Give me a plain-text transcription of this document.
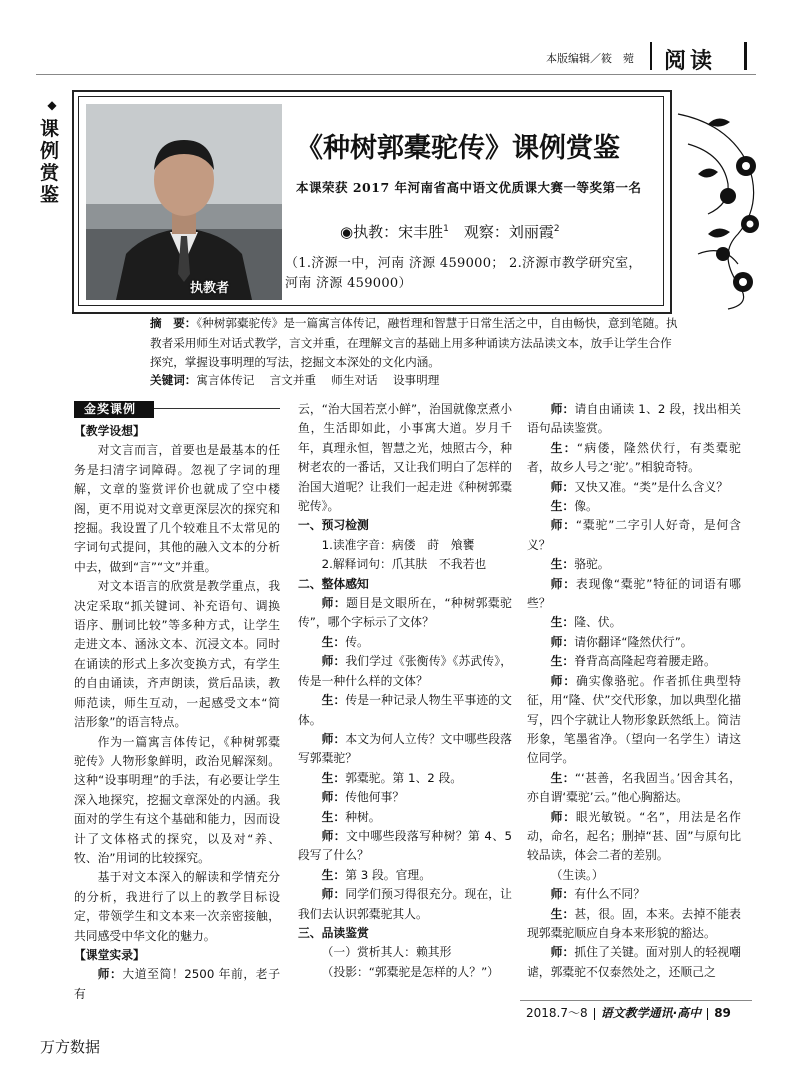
本版编辑／筱　菀 阅读
◆
课例赏鉴
执教者
《种树郭橐驼传》课例赏鉴
本课荣获 2017 年河南省高中语文优质课大赛一等奖第一名
◉执教：宋丰胜$^1$　 观察：刘丽霞$^2$
（1.济源一中，河南 济源 459000； 2.济源市教学研究室，河南 济源 459000）
摘　要：《种树郭橐驼传》是一篇寓言体传记，融哲理和智慧于日常生活之中，自由畅快，意到笔随。执教者采用师生对话式教学，言文并重，在理解文言的基础上用多种诵读方法品读文本，放手让学生合作探究，掌握设事明理的写法，挖掘文本深处的文化内涵。
关键词：寓言体传记　 言文并重　 师生对话　 设事明理
金奖课例

【教学设想】

对文言而言，首要也是最基本的任务是扫清字词障碍。忽视了字词的理解，文章的鉴赏评价也就成了空中楼阁，更不用说对文章更深层次的探究和挖掘。我设置了几个较难且不太常见的字词句式提问，其他的融入文本的分析中去，做到“言”“文”并重。

对文本语言的欣赏是教学重点，我决定采取“抓关键词、补充语句、调换语序、删词比较”等多种方式，让学生走进文本、涵泳文本、沉浸文本。同时在诵读的形式上多次变换方式，有学生的自由诵读，齐声朗读，赏后品读，教师范读，师生互动，一起感受文本“简洁形象”的语言特点。

作为一篇寓言体传记，《种树郭橐驼传》人物形象鲜明，政治见解深刻。这种“设事明理”的手法，有必要让学生深入地探究，挖掘文章深处的内涵。我面对的学生有这个基础和能力，因而设计了文体格式的探究，以及对“养、牧、治”用词的比较探究。

基于对文本深入的解读和学情充分的分析，我进行了以上的教学目标设定，带领学生和文本来一次亲密接触，共同感受中华文化的魅力。

【课堂实录】

师：大道至简！2500 年前，老子有

云，“治大国若烹小鲜”，治国就像烹煮小鱼，生活即如此，小事寓大道。岁月千年，真理永恒，智慧之光，烛照古今，种树老农的一番话，又让我们明白了怎样的治国大道呢？让我们一起走进《种树郭橐驼传》。

一、预习检测

1.读准字音：病偻　莳　飧饔

2.解释词句：爪其肤　不我若也

二、整体感知

师：题目是文眼所在，“种树郭橐驼传”，哪个字标示了文体？

生：传。

师：我们学过《张衡传》《苏武传》，传是一种什么样的文体？

生：传是一种记录人物生平事迹的文体。

师：本文为何人立传？文中哪些段落写郭橐驼？

生：郭橐驼。第 1、2 段。

师：传他何事？

生：种树。

师：文中哪些段落写种树？第 4、5 段写了什么？

生：第 3 段。官理。

师：同学们预习得很充分。现在，让我们去认识郭橐驼其人。

三、品读鉴赏

（一）赏析其人：赖其形

（投影：“郭橐驼是怎样的人？”）

师：请自由诵读 1、2 段，找出相关语句品读鉴赏。

生：“病偻，隆然伏行，有类橐驼者，故乡人号之‘驼’。”相貌奇特。

师：又快又准。“类”是什么含义？

生：像。

师：“橐驼”二字引人好奇，是何含义？

生：骆驼。

师：表现像“橐驼”特征的词语有哪些？

生：隆、伏。

师：请你翻译“隆然伏行”。

生：脊背高高隆起弯着腰走路。

师：确实像骆驼。作者抓住典型特征，用“隆、伏”交代形象，加以典型化描写，四个字就让人物形象跃然纸上。简洁形象，笔墨省净。（望向一名学生）请这位同学。

生：“‘甚善，名我固当。’因舍其名，亦自谓‘橐驼’云。”他心胸豁达。

师：眼光敏锐。“名”，用法是名作动，命名，起名；删掉“甚、固”与原句比较品读，体会二者的差别。

（生读。）

师：有什么不同？

生：甚，很。固，本来。去掉不能表现郭橐驼顺应自身本来形貌的豁达。

师：抓住了关键。面对别人的轻视嘲谑，郭橐驼不仅泰然处之，还顺己之

2018.7～8 语文教学通讯·高中 89
万方数据
